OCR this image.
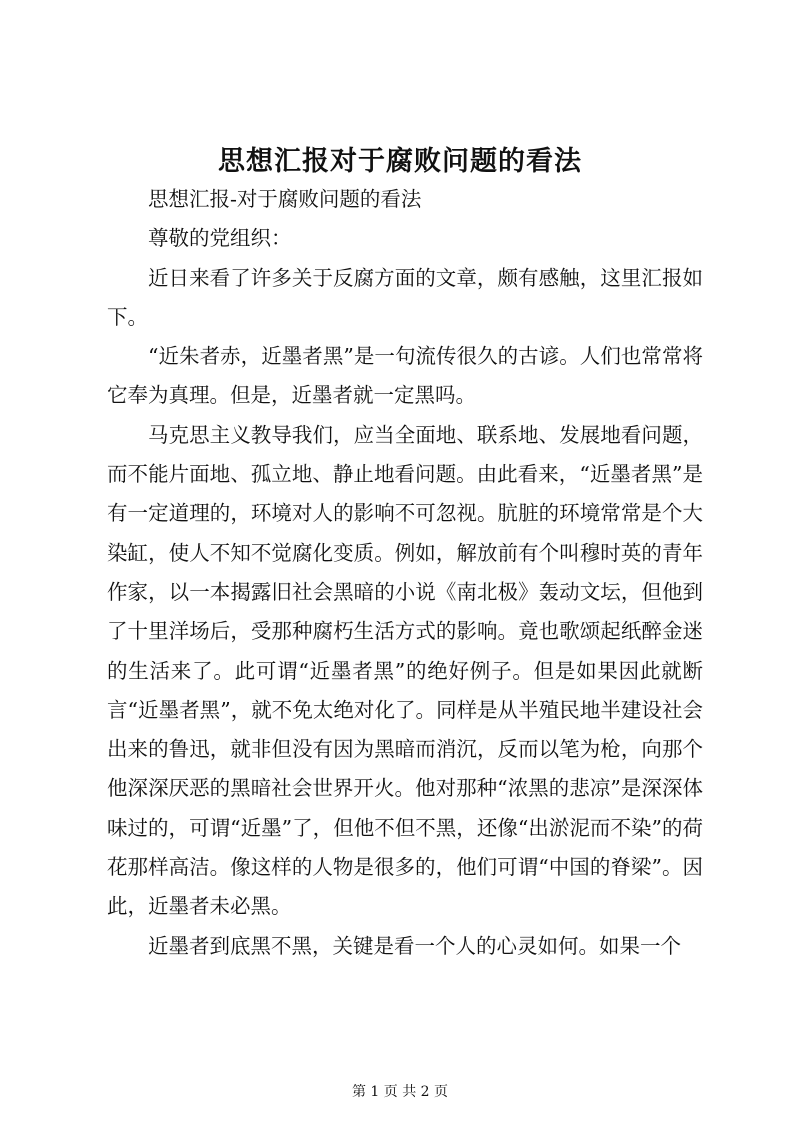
思想汇报对于腐败问题的看法

思想汇报-对于腐败问题的看法

尊敬的党组织：

近日来看了许多关于反腐方面的文章，颇有感触，这里汇报如下。

“近朱者赤，近墨者黑”是一句流传很久的古谚。人们也常常将它奉为真理。但是，近墨者就一定黑吗。

马克思主义教导我们，应当全面地、联系地、发展地看问题，而不能片面地、孤立地、静止地看问题。由此看来，“近墨者黑”是有一定道理的，环境对人的影响不可忽视。肮脏的环境常常是个大染缸，使人不知不觉腐化变质。例如，解放前有个叫穆时英的青年作家，以一本揭露旧社会黑暗的小说《南北极》轰动文坛，但他到了十里洋场后，受那种腐朽生活方式的影响。竟也歌颂起纸醉金迷的生活来了。此可谓“近墨者黑”的绝好例子。但是如果因此就断言“近墨者黑”，就不免太绝对化了。同样是从半殖民地半建设社会出来的鲁迅，就非但没有因为黑暗而消沉，反而以笔为枪，向那个他深深厌恶的黑暗社会世界开火。他对那种“浓黑的悲凉”是深深体味过的，可谓“近墨”了，但他不但不黑，还像“出淤泥而不染”的荷花那样高洁。像这样的人物是很多的，他们可谓“中国的脊梁”。因此，近墨者未必黑。

近墨者到底黑不黑，关键是看一个人的心灵如何。如果一个

第 1 页 共 2 页
